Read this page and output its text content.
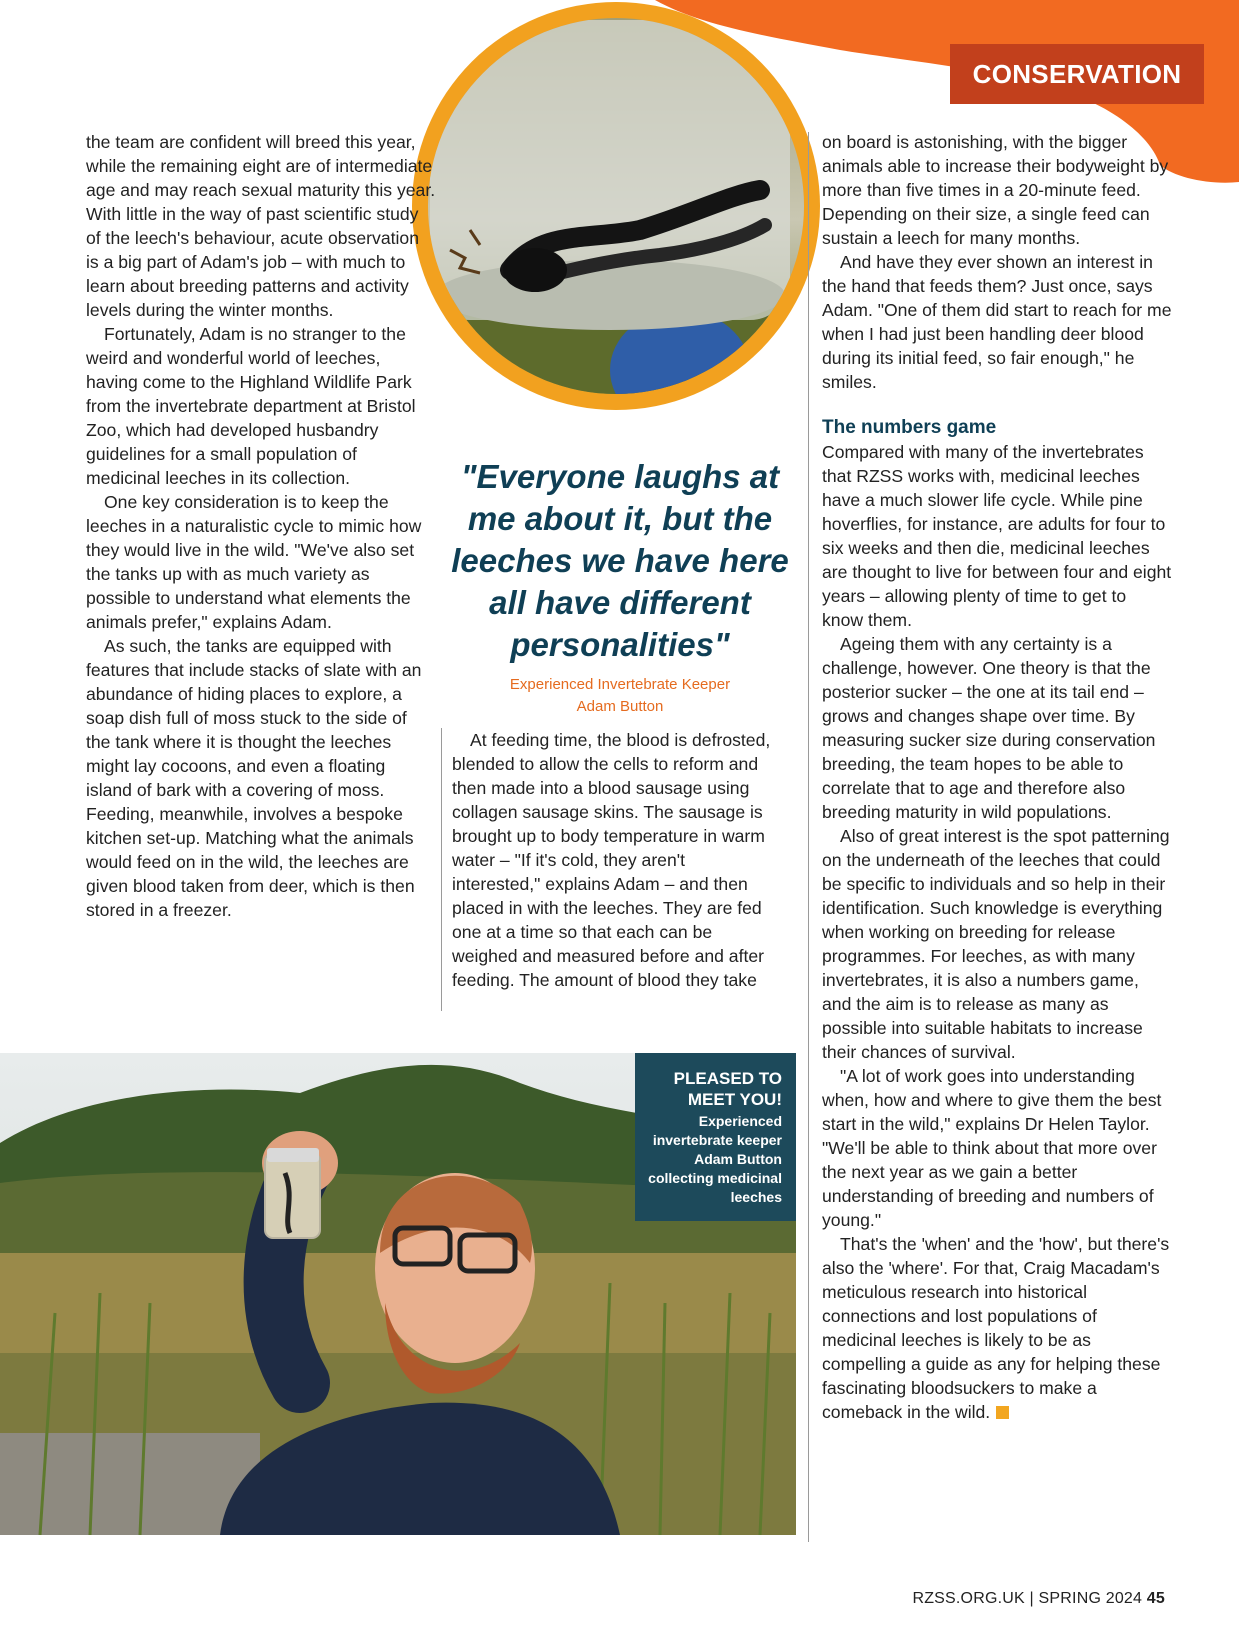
CONSERVATION

the team are confident will breed this year, while the remaining eight are of intermediate age and may reach sexual maturity this year. With little in the way of past scientific study of the leech's behaviour, acute observation is a big part of Adam's job – with much to learn about breeding patterns and activity levels during the winter months.

Fortunately, Adam is no stranger to the weird and wonderful world of leeches, having come to the Highland Wildlife Park from the invertebrate department at Bristol Zoo, which had developed husbandry guidelines for a small population of medicinal leeches in its collection.

One key consideration is to keep the leeches in a naturalistic cycle to mimic how they would live in the wild. "We've also set the tanks up with as much variety as possible to understand what elements the animals prefer," explains Adam.

As such, the tanks are equipped with features that include stacks of slate with an abundance of hiding places to explore, a soap dish full of moss stuck to the side of the tank where it is thought the leeches might lay cocoons, and even a floating island of bark with a covering of moss. Feeding, meanwhile, involves a bespoke kitchen set-up. Matching what the animals would feed on in the wild, the leeches are given blood taken from deer, which is then stored in a freezer.

"Everyone laughs at me about it, but the leeches we have here all have different personalities"

Experienced Invertebrate Keeper
Adam Button

At feeding time, the blood is defrosted, blended to allow the cells to reform and then made into a blood sausage using collagen sausage skins. The sausage is brought up to body temperature in warm water – "If it's cold, they aren't interested," explains Adam – and then placed in with the leeches. They are fed one at a time so that each can be weighed and measured before and after feeding. The amount of blood they take

on board is astonishing, with the bigger animals able to increase their bodyweight by more than five times in a 20-minute feed. Depending on their size, a single feed can sustain a leech for many months.

And have they ever shown an interest in the hand that feeds them? Just once, says Adam. "One of them did start to reach for me when I had just been handling deer blood during its initial feed, so fair enough," he smiles.

The numbers game

Compared with many of the invertebrates that RZSS works with, medicinal leeches have a much slower life cycle. While pine hoverflies, for instance, are adults for four to six weeks and then die, medicinal leeches are thought to live for between four and eight years – allowing plenty of time to get to know them.

Ageing them with any certainty is a challenge, however. One theory is that the posterior sucker – the one at its tail end – grows and changes shape over time. By measuring sucker size during conservation breeding, the team hopes to be able to correlate that to age and therefore also breeding maturity in wild populations.

Also of great interest is the spot patterning on the underneath of the leeches that could be specific to individuals and so help in their identification. Such knowledge is everything when working on breeding for release programmes. For leeches, as with many invertebrates, it is also a numbers game, and the aim is to release as many as possible into suitable habitats to increase their chances of survival.

"A lot of work goes into understanding when, how and where to give them the best start in the wild," explains Dr Helen Taylor. "We'll be able to think about that more over the next year as we gain a better understanding of breeding and numbers of young."

That's the 'when' and the 'how', but there's also the 'where'. For that, Craig Macadam's meticulous research into historical connections and lost populations of medicinal leeches is likely to be as compelling a guide as any for helping these fascinating bloodsuckers to make a comeback in the wild.

PLEASED TO MEET YOU!
Experienced invertebrate keeper Adam Button collecting medicinal leeches
RZSS.ORG.UK | SPRING 2024 45
